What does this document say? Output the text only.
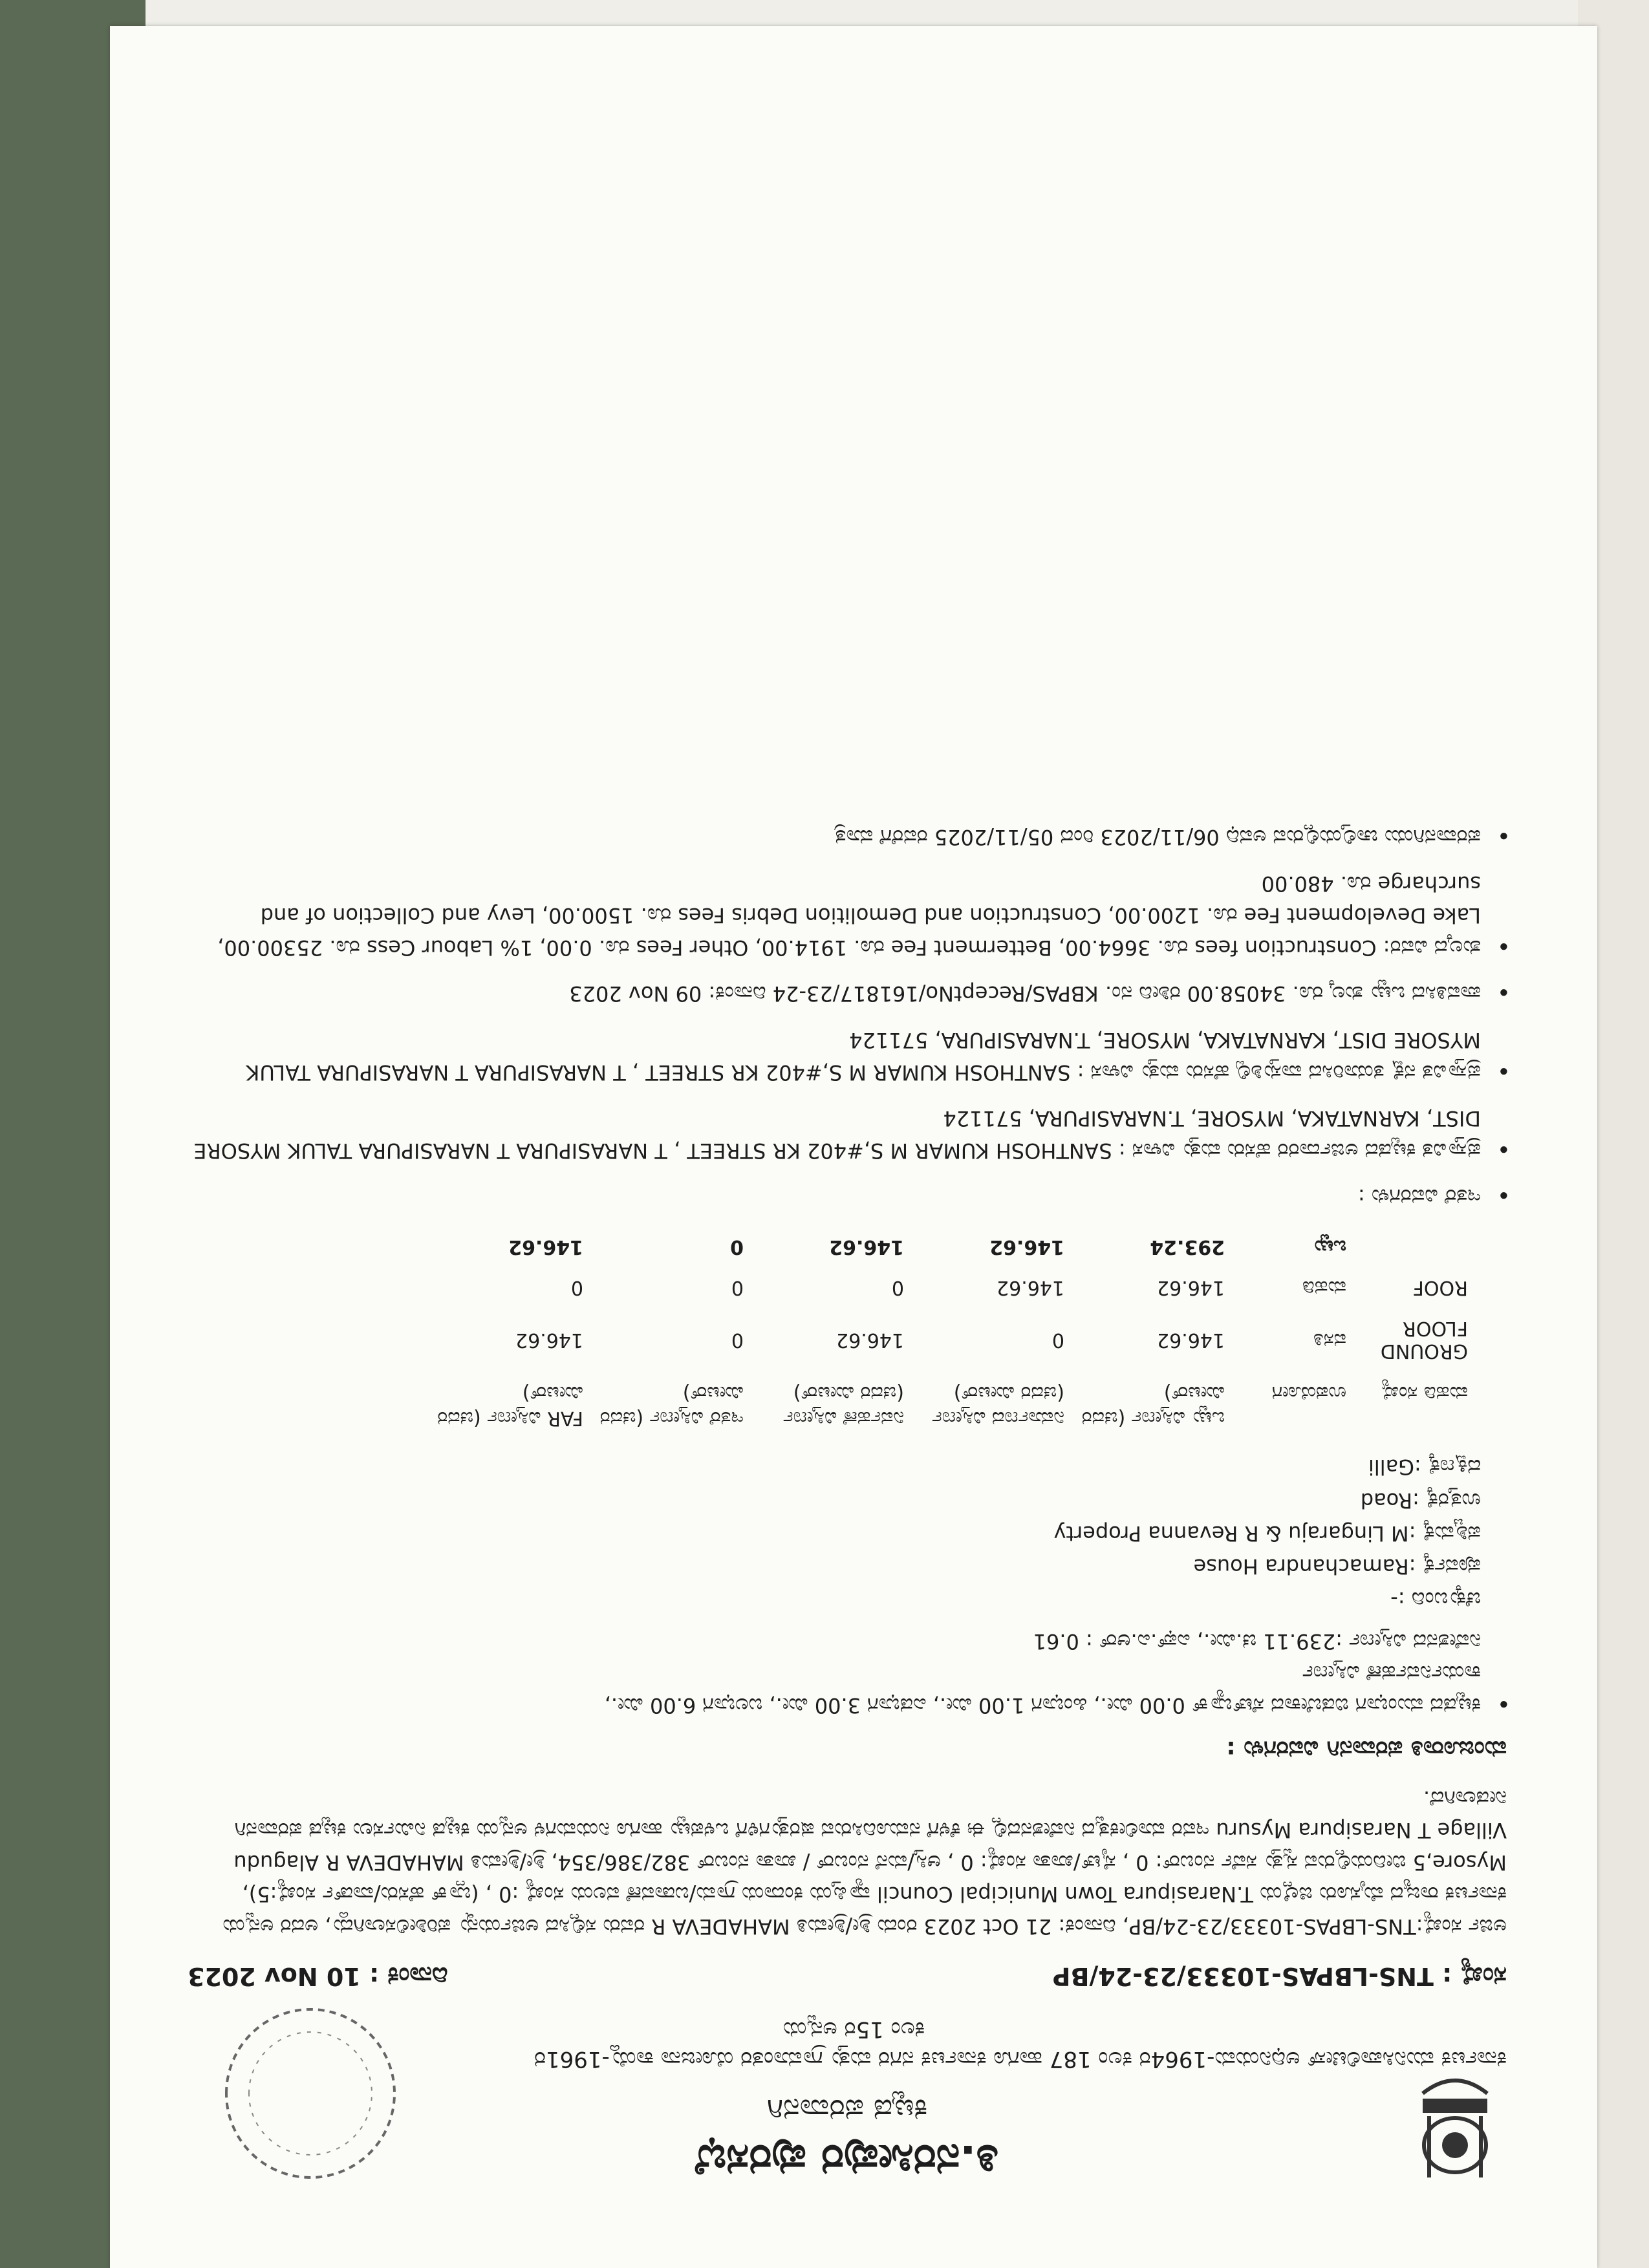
ತಿ.ನರಸೀಪುರ ಪುರಸಭೆ
ಕಟ್ಟಡ ಪರವಾನಗಿ
ಕರ್ನಾಟಕ ಮುನಿಸಿಪಾಲಿಟೀಸ್ ಅಧಿನಿಯಮ-1964ರ ಕಲಂ 187 ಹಾಗೂ ಕರ್ನಾಟಕ ನಗರ ಮತ್ತು ಗ್ರಾಮಾಂತರ ಯೋಜನಾ ಕಾಯ್ದೆ-1961ರ
ಕಲಂ 15ರ ಅನ್ವಯ
ಸಂಖ್ಯೆ : TNS-LBPAS-10333/23-24/BP
ದಿನಾಂಕ : 10 Nov 2023
ಅರ್ಜಿ ಸಂಖ್ಯೆ:TNS-LBPAS-10333/23-24/BP, ದಿನಾಂಕ: 21 Oct 2023 ರಂದು ಶ್ರೀ/ಶ್ರೀಮತಿ MAHADEVA R ರವರು ಸಲ್ಲಿಸಿದ ಅರ್ಜಿಯನ್ನು ಪರಿಶೀಲಿಸಲಾಗಿದ್ದು, ಅದರ ಅನ್ವಯ ಕರ್ನಾಟಕ ರಾಜ್ಯದ ಮೈಸೂರು ಜಿಲ್ಲೆಯ T.Narasipura Town Municipal Council ವ್ಯಾಪ್ತಿಯ ಕಂದಾಯ ಗ್ರಾಮ/ಬಡಾವಣೆ ವಲಯ ಸಂಖ್ಯೆ :0 , (ಬ್ಲಾಕ್ ಹೆಸರು/ವಾರ್ಡ್ ಸಂಖ್ಯೆ:5), Mysore,5 ಬೀದಿಯಲ್ಲಿರುವ ಸ್ವತ್ತು ಸರ್ವೆ ನಂಬರ್: 0 , ಸೈಟ್/ಖಾತಾ ಸಂಖ್ಯೆ: 0 , ಆಸ್ತಿ/ಮನೆ ನಂಬರ್ / ಖಾತಾ ನಂಬರ್ 382/386/354, ಶ್ರೀ/ಶ್ರೀಮತಿ MAHADEVA R Alagudu Village T Narasipura Mysuru ಇವರ ಮಾಲೀಕತ್ವದ ನಿವೇಶನದಲ್ಲಿ ಈ ಕೆಳಗೆ ನಮೂದಿಸಿರುವ ಷರತ್ತುಗಳಿಗೆ ಒಳಪಟ್ಟು ಹಾಗೂ ನಿಯಮಗಳ ಅನ್ವಯ ಕಟ್ಟಡ ನಿರ್ಮಿಸಲು ಕಟ್ಟಡ ಪರವಾನಗಿ ನೀಡಲಾಗಿದೆ.
ಮಂಜೂರಾತಿ ಪರವಾನಗಿ ವಿವರಗಳು :
• ಕಟ್ಟಡದ ಮುಂಭಾಗ ಬಿಡಬೇಕಾದ ಸೆಟ್‌ಬ್ಯಾಕ್ 0.00 ಮೀ., ಹಿಂಭಾಗ 1.00 ಮೀ., ಎಡಭಾಗ 3.00 ಮೀ., ಬಲಭಾಗ 6.00 ಮೀ.,
ಕಾರ್ಯನಿರ್ವಹಣೆ ವಿಸ್ತೀರ್ಣ
ನಿವೇಶನದ ವಿಸ್ತೀರ್ಣ :239.11 ಚ.ಮೀ., ಎಫ್.ಎ.ಆರ್ : 0.61
ಚೆಕ್ಕುಬಂದಿ :-
ಪೂರ್ವಕ್ಕೆ :Ramachandra House
ಪಶ್ಚಿಮಕ್ಕೆ :M Lingaraju & R Revanna Property
ಉತ್ತರಕ್ಕೆ :Road
ದಕ್ಷಿಣಕ್ಕೆ :Galli
ಮಹಡಿ ಸಂಖ್ಯೆ	ಉಪಯೋಗ	ಒಟ್ಟು ವಿಸ್ತೀರ್ಣ (ಚದರ ಮೀಟರ್)	ನಿರ್ಮಾಣದ ವಿಸ್ತೀರ್ಣ (ಚದರ ಮೀಟರ್)	ನಿರ್ವಹಣೆ ವಿಸ್ತೀರ್ಣ (ಚದರ ಮೀಟರ್)	ಇತರೆ ವಿಸ್ತೀರ್ಣ (ಚದರ ಮೀಟರ್)	FAR ವಿಸ್ತೀರ್ಣ (ಚದರ ಮೀಟರ್)
GROUND FLOOR	ವಸತಿ	146.62	0	146.62	0	146.62
ROOF	ಮಹಡಿ	146.62	146.62	0	0	0
	ಒಟ್ಟು	293.24	146.62	146.62	0	146.62
• ಇತರೆ ವಿವರಗಳು :
• ಪ್ರಸ್ತಾವಿತ ಕಟ್ಟಡದ ಅರ್ಜಿದಾರರ ಹೆಸರು ಮತ್ತು ವಿಳಾಸ : SANTHOSH KUMAR M S,#402 KR STREET , T NARASIPURA T NARASIPURA TALUK MYSORE DIST, KARNATAKA, MYSORE, T.NARASIPURA, 571124
• ಪ್ರಸ್ತಾವಿತ ನಕ್ಷೆ ತಯಾರಿಸಿದ ವಾಸ್ತುಶಿಲ್ಪಿ ಹೆಸರು ಮತ್ತು ವಿಳಾಸ : SANTHOSH KUMAR M S,#402 KR STREET , T NARASIPURA T NARASIPURA TALUK MYSORE DIST, KARNATAKA, MYSORE, T.NARASIPURA, 571124
• ಪಾವತಿಸಿದ ಒಟ್ಟು ಶುಲ್ಕ ರೂ. 34058.00 ರಶೀದಿ ನಂ. KBPAS/ReceptNo/161817/23-24 ದಿನಾಂಕ: 09 Nov 2023
• ಶುಲ್ಕದ ವಿವರ: Construction fees ರೂ. 3664.00, Betterment Fee ರೂ. 1914.00, Other Fees ರೂ. 0.00, 1% Labour Cess ರೂ. 25300.00, Lake Development Fee ರೂ. 1200.00, Construction and Demolition Debris Fees ರೂ. 1500.00, Levy and Collection of and surcharge ರೂ. 480.00
• ಪರವಾನಗಿಯು ಚಾಲ್ತಿಯಲ್ಲಿರುವ ಅವಧಿ 06/11/2023 ರಿಂದ 05/11/2025 ರವರೆಗೆ ಮಾತ್ರ
